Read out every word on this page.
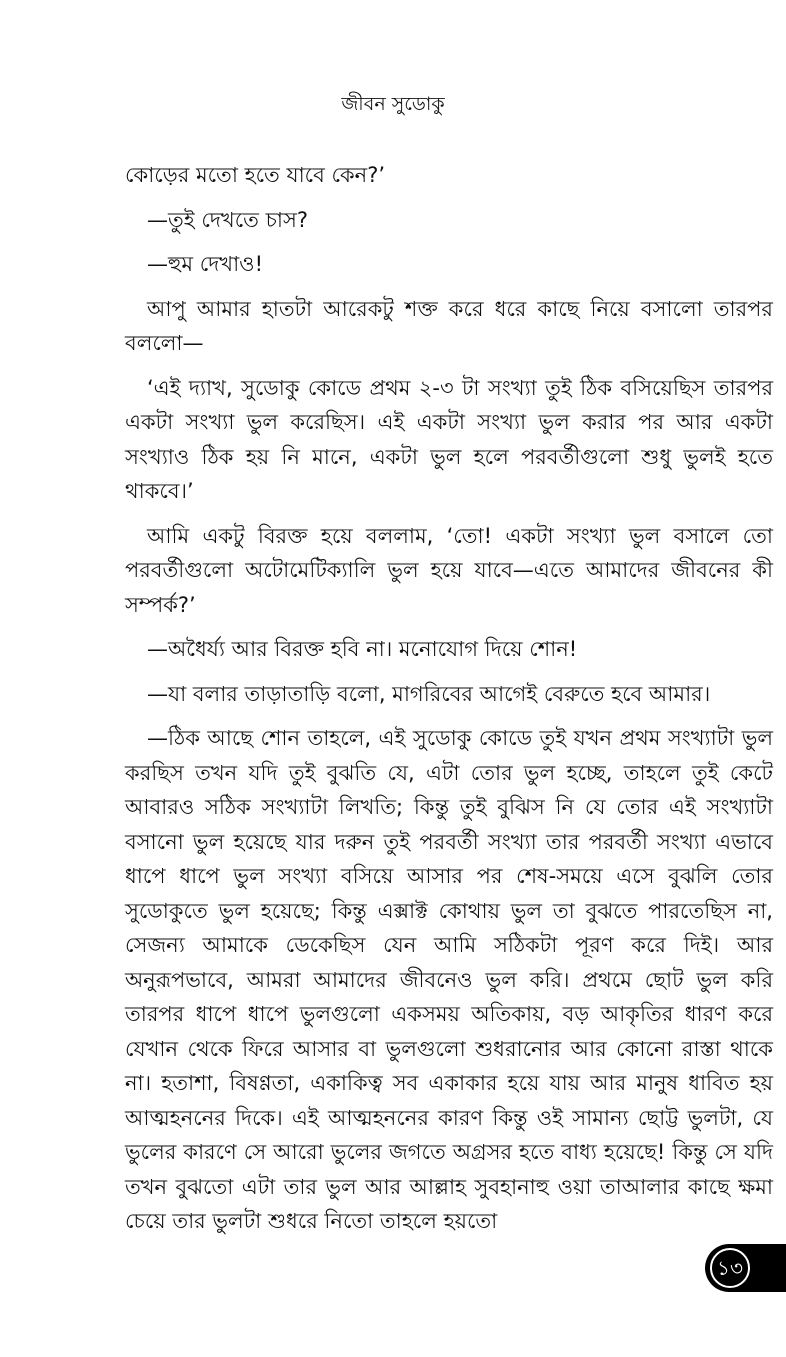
জীবন সুডোকু

কোড়ের মতো হতে যাবে কেন?’

—তুই দেখতে চাস?

—হুম দেখাও!

আপু আমার হাতটা আরেকটু শক্ত করে ধরে কাছে নিয়ে বসালো তারপর বললো—

‘এই দ্যাখ, সুডোকু কোডে প্রথম ২-৩ টা সংখ্যা তুই ঠিক বসিয়েছিস তারপর একটা সংখ্যা ভুল করেছিস। এই একটা সংখ্যা ভুল করার পর আর একটা সংখ্যাও ঠিক হয় নি মানে, একটা ভুল হলে পরবর্তীগুলো শুধু ভুলই হতে থাকবে।’

আমি একটু বিরক্ত হয়ে বললাম, ‘তো! একটা সংখ্যা ভুল বসালে তো পরবর্তীগুলো অটোমেটিক্যালি ভুল হয়ে যাবে—এতে আমাদের জীবনের কী সম্পর্ক?’

—অধৈর্য্য আর বিরক্ত হবি না। মনোযোগ দিয়ে শোন!

—যা বলার তাড়াতাড়ি বলো, মাগরিবের আগেই বেরুতে হবে আমার।

—ঠিক আছে শোন তাহলে, এই সুডোকু কোডে তুই যখন প্রথম সংখ্যাটা ভুল করছিস তখন যদি তুই বুঝতি যে, এটা তোর ভুল হচ্ছে, তাহলে তুই কেটে আবারও সঠিক সংখ্যাটা লিখতি; কিন্তু তুই বুঝিস নি যে তোর এই সংখ্যাটা বসানো ভুল হয়েছে যার দরুন তুই পরবর্তী সংখ্যা তার পরবর্তী সংখ্যা এভাবে ধাপে ধাপে ভুল সংখ্যা বসিয়ে আসার পর শেষ-সময়ে এসে বুঝলি তোর সুডোকুতে ভুল হয়েছে; কিন্তু এক্সাক্ট কোথায় ভুল তা বুঝতে পারতেছিস না, সেজন্য আমাকে ডেকেছিস যেন আমি সঠিকটা পূরণ করে দিই। আর অনুরূপভাবে, আমরা আমাদের জীবনেও ভুল করি। প্রথমে ছোট ভুল করি তারপর ধাপে ধাপে ভুলগুলো একসময় অতিকায়, বড় আকৃতির ধারণ করে যেখান থেকে ফিরে আসার বা ভুলগুলো শুধরানোর আর কোনো রাস্তা থাকে না। হতাশা, বিষণ্ণতা, একাকিত্ব সব একাকার হয়ে যায় আর মানুষ ধাবিত হয় আত্মহননের দিকে। এই আত্মহননের কারণ কিন্তু ওই সামান্য ছোট্ট ভুলটা, যে ভুলের কারণে সে আরো ভুলের জগতে অগ্রসর হতে বাধ্য হয়েছে! কিন্তু সে যদি তখন বুঝতো এটা তার ভুল আর আল্লাহ সুবহানাহু ওয়া তাআলার কাছে ক্ষমা চেয়ে তার ভুলটা শুধরে নিতো তাহলে হয়তো

১৩
